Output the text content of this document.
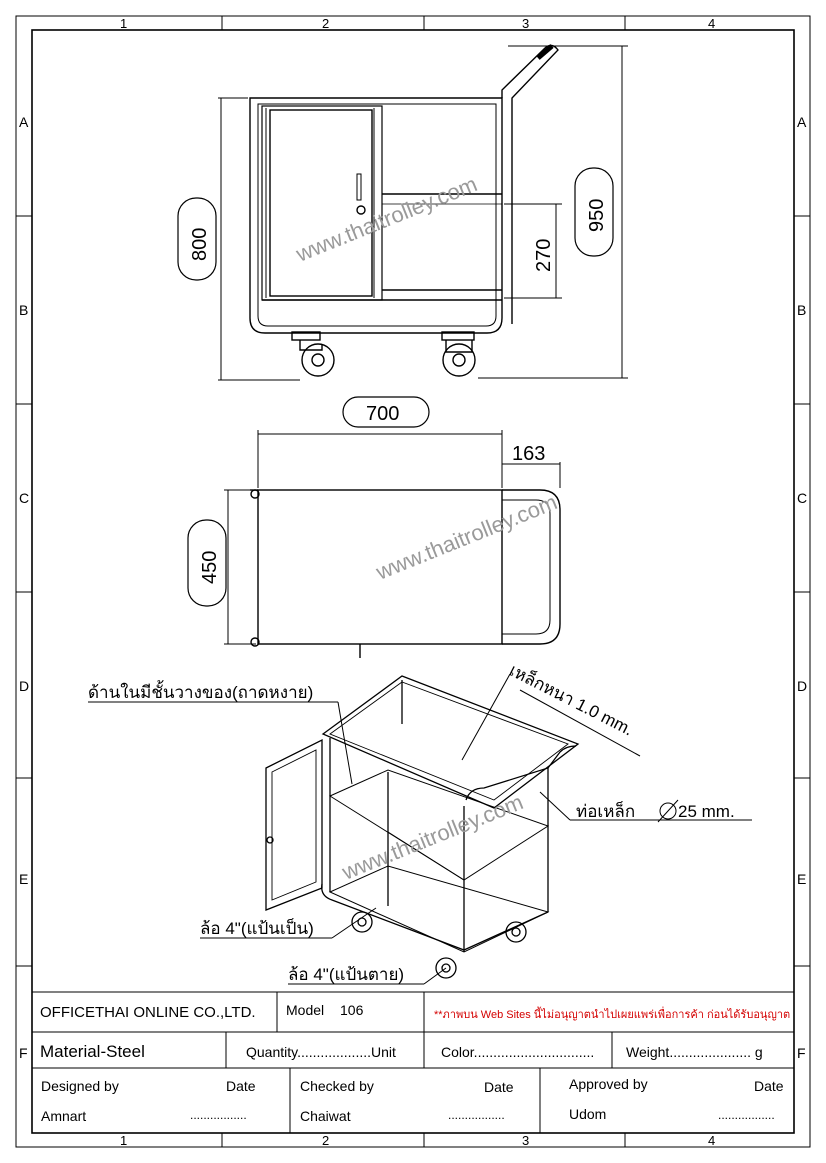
1	2	3	4
1	2	3	4
A
B
C
D
E
F
A
B
C
D
E
F
800
950
270
700
163
450
ด้านในมีชั้นวางของ(ถาดหงาย)	เหล็กหนา 1.0 mm.
ท่อเหล็ก	25 mm.
ล้อ 4"(แป้นเป็น)
ล้อ 4"(แป้นตาย)
www.thaitrolley.com
www.thaitrolley.com
www.thaitrolley.com
OFFICETHAI ONLINE CO.,LTD. Model 106	**ภาพบน Web Sites นี้ไม่อนุญาตนำไปเผยแพร่เพื่อการค้า ก่อนได้รับอนุญาต
Material-Steel	Quantity...................Unit	Color............................... Weight..................... g
Designed by	Date
Amnart	.................
Checked by	Date
Chaiwat	.................
Approved by	Date
Udom	.................
